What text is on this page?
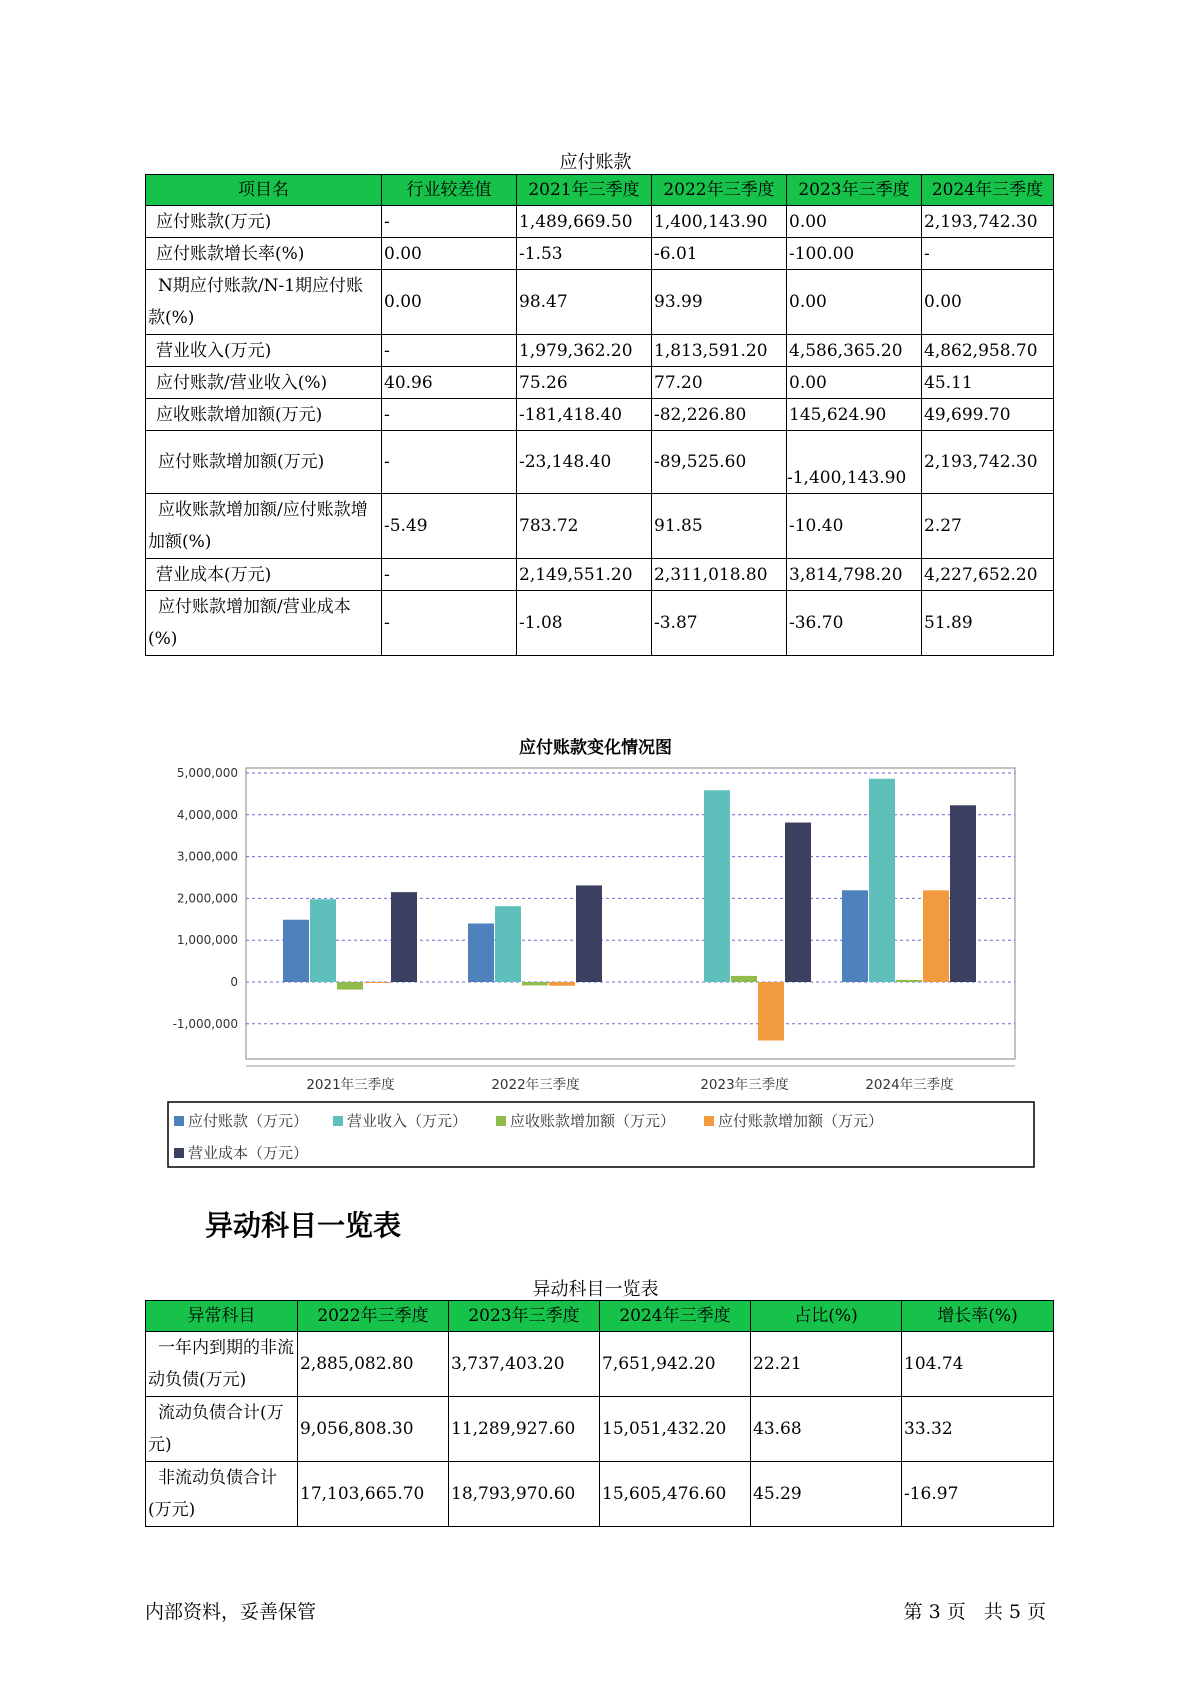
应付账款
项目名	行业较差值	2021年三季度	2022年三季度	2023年三季度	2024年三季度
应付账款(万元)	-	1,489,669.50	1,400,143.90	0.00	2,193,742.30
应付账款增长率(%)	0.00	-1.53	-6.01	-100.00	-
N期应付账款/N-1期应付账款(%)	0.00	98.47	93.99	0.00	0.00
营业收入(万元)	-	1,979,362.20	1,813,591.20	4,586,365.20	4,862,958.70
应付账款/营业收入(%)	40.96	75.26	77.20	0.00	45.11
应收账款增加额(万元)	-	-181,418.40	-82,226.80	145,624.90	49,699.70
应付账款增加额(万元)	-	-23,148.40	-89,525.60	-1,400,143.90	2,193,742.30
应收账款增加额/应付账款增加额(%)	-5.49	783.72	91.85	-10.40	2.27
营业成本(万元)	-	2,149,551.20	2,311,018.80	3,814,798.20	4,227,652.20
应付账款增加额/营业成本(%)	-	-1.08	-3.87	-36.70	51.89
应付账款变化情况图
5,000,000
4,000,000
3,000,000
2,000,000
1,000,000
0
-1,000,000
2021年三季度	2022年三季度	2023年三季度	2024年三季度
应付账款（万元）	营业收入（万元）	应收账款增加额（万元）	应付账款增加额（万元）
营业成本（万元）
异动科目一览表
异动科目一览表
异常科目	2022年三季度	2023年三季度	2024年三季度	占比(%)	增长率(%)
一年内到期的非流动负债(万元)	2,885,082.80	3,737,403.20	7,651,942.20	22.21	104.74
流动负债合计(万元)	9,056,808.30	11,289,927.60	15,051,432.20	43.68	33.32
非流动负债合计(万元)	17,103,665.70	18,793,970.60	15,605,476.60	45.29	-16.97
内部资料，妥善保管	第 3 页   共 5 页
